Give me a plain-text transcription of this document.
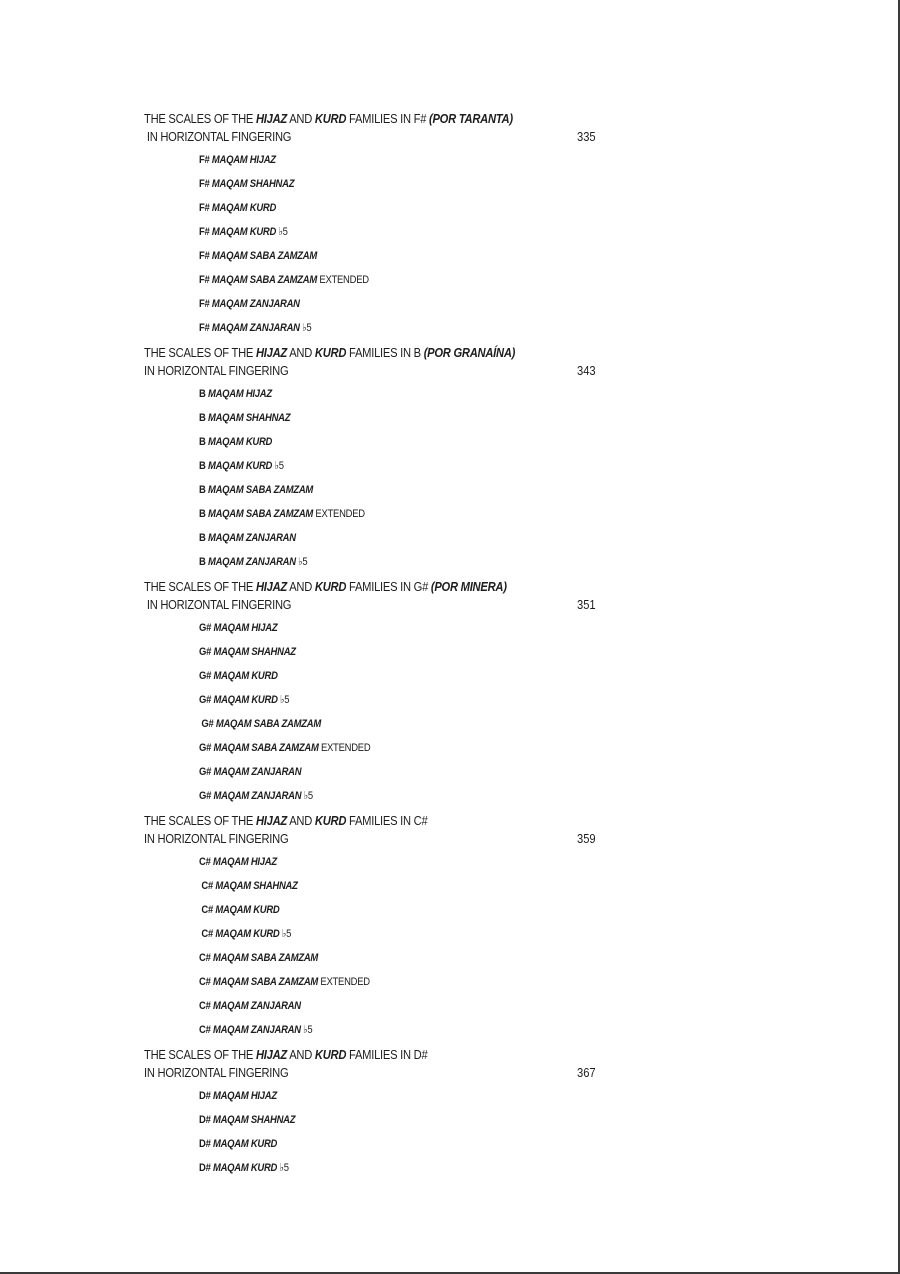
THE SCALES OF THE HIJAZ AND KURD FAMILIES IN F# (POR TARANTA)
IN HORIZONTAL FINGERING	335
F# MAQAM HIJAZ
F# MAQAM SHAHNAZ
F# MAQAM KURD
F# MAQAM KURD ♭5
F# MAQAM SABA ZAMZAM
F# MAQAM SABA ZAMZAM EXTENDED
F# MAQAM ZANJARAN
F# MAQAM ZANJARAN ♭5
THE SCALES OF THE HIJAZ AND KURD FAMILIES IN B (POR GRANAÍNA)
IN HORIZONTAL FINGERING	343
B MAQAM HIJAZ
B MAQAM SHAHNAZ
B MAQAM KURD
B MAQAM KURD ♭5
B MAQAM SABA ZAMZAM
B MAQAM SABA ZAMZAM EXTENDED
B MAQAM ZANJARAN
B MAQAM ZANJARAN ♭5
THE SCALES OF THE HIJAZ AND KURD FAMILIES IN G# (POR MINERA)
IN HORIZONTAL FINGERING	351
G# MAQAM HIJAZ
G# MAQAM SHAHNAZ
G# MAQAM KURD
G# MAQAM KURD ♭5
G# MAQAM SABA ZAMZAM
G# MAQAM SABA ZAMZAM EXTENDED
G# MAQAM ZANJARAN
G# MAQAM ZANJARAN ♭5
THE SCALES OF THE HIJAZ AND KURD FAMILIES IN C#
IN HORIZONTAL FINGERING	359
C# MAQAM HIJAZ
C# MAQAM SHAHNAZ
C# MAQAM KURD
C# MAQAM KURD ♭5
C# MAQAM SABA ZAMZAM
C# MAQAM SABA ZAMZAM EXTENDED
C# MAQAM ZANJARAN
C# MAQAM ZANJARAN ♭5
THE SCALES OF THE HIJAZ AND KURD FAMILIES IN D#
IN HORIZONTAL FINGERING	367
D# MAQAM HIJAZ
D# MAQAM SHAHNAZ
D# MAQAM KURD
D# MAQAM KURD ♭5
